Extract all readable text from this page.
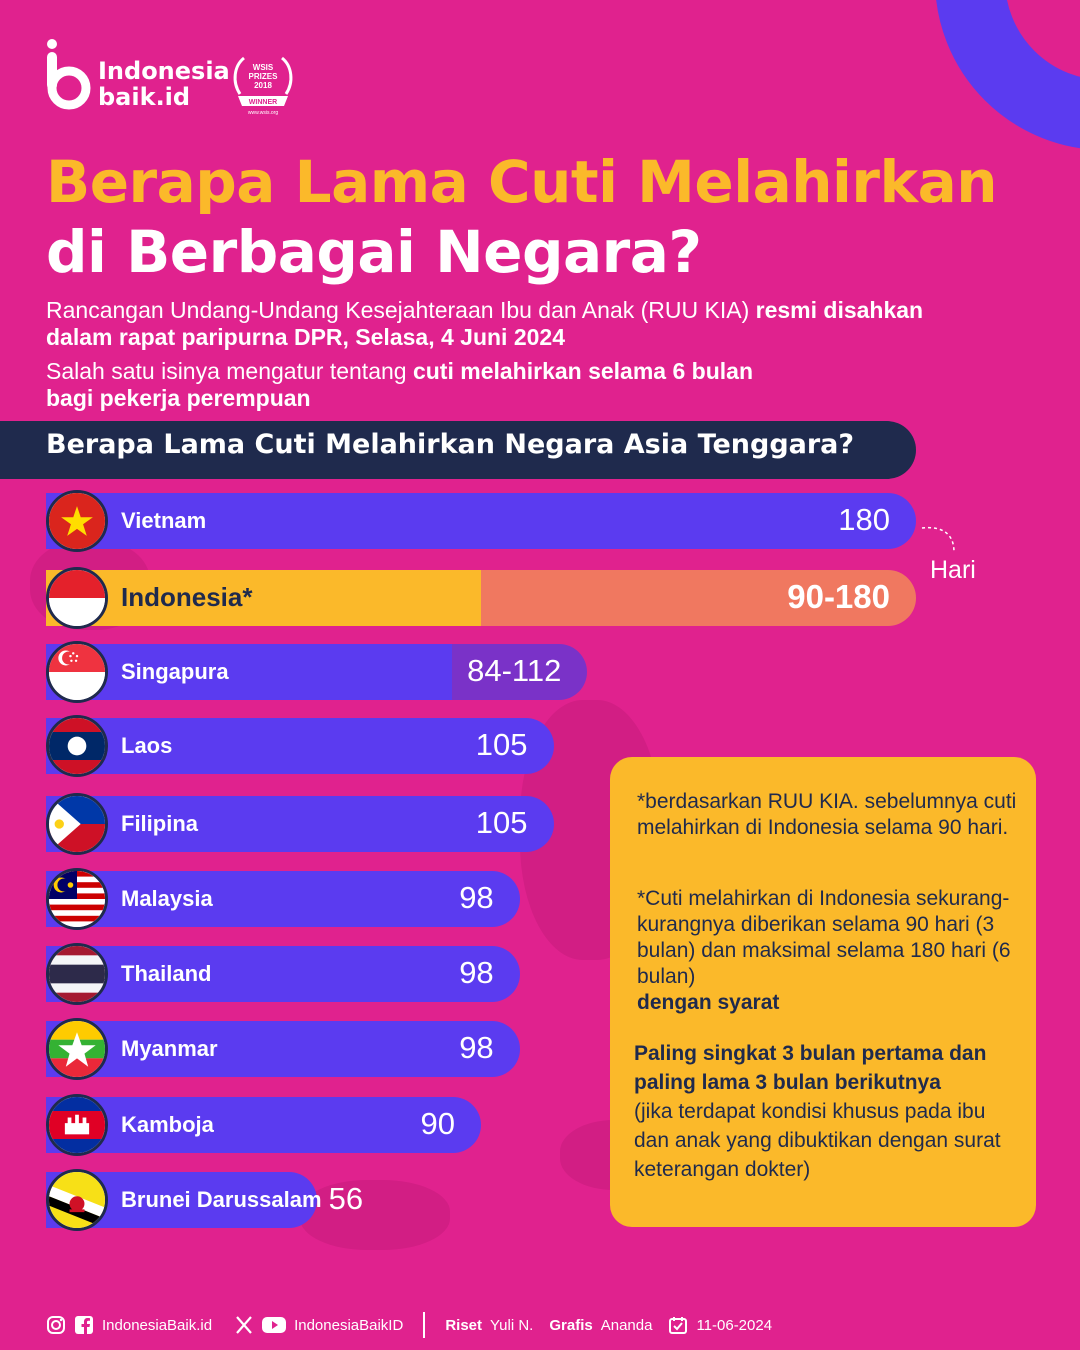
Indonesia
baik.id
WSIS
PRIZES
2018
WINNER
www.wsis.org
Berapa Lama Cuti Melahirkan
di Berbagai Negara?
Rancangan Undang-Undang Kesejahteraan Ibu dan Anak (RUU KIA) resmi disahkan dalam rapat paripurna DPR, Selasa, 4 Juni 2024
Salah satu isinya mengatur tentang cuti melahirkan selama 6 bulan bagi pekerja perempuan
Berapa Lama Cuti Melahirkan Negara Asia Tenggara?
Vietnam	180
Indonesia*	90-180
Singapura	84-112
Laos	105
Filipina	105
Malaysia	98
Thailand	98
Myanmar	98
Kamboja	90
Brunei Darussalam 56
Hari
*berdasarkan RUU KIA. sebelumnya cuti melahirkan di Indonesia selama 90 hari.
*Cuti melahirkan di Indonesia sekurang-kurangnya diberikan selama 90 hari (3 bulan) dan maksimal selama 180 hari (6 bulan)
dengan syarat
Paling singkat 3 bulan pertama dan paling lama 3 bulan berikutnya
(jika terdapat kondisi khusus pada ibu dan anak yang dibuktikan dengan surat keterangan dokter)
IndonesiaBaik.id	IndonesiaBaikID	Riset Yuli N. Grafis Ananda	11-06-2024
